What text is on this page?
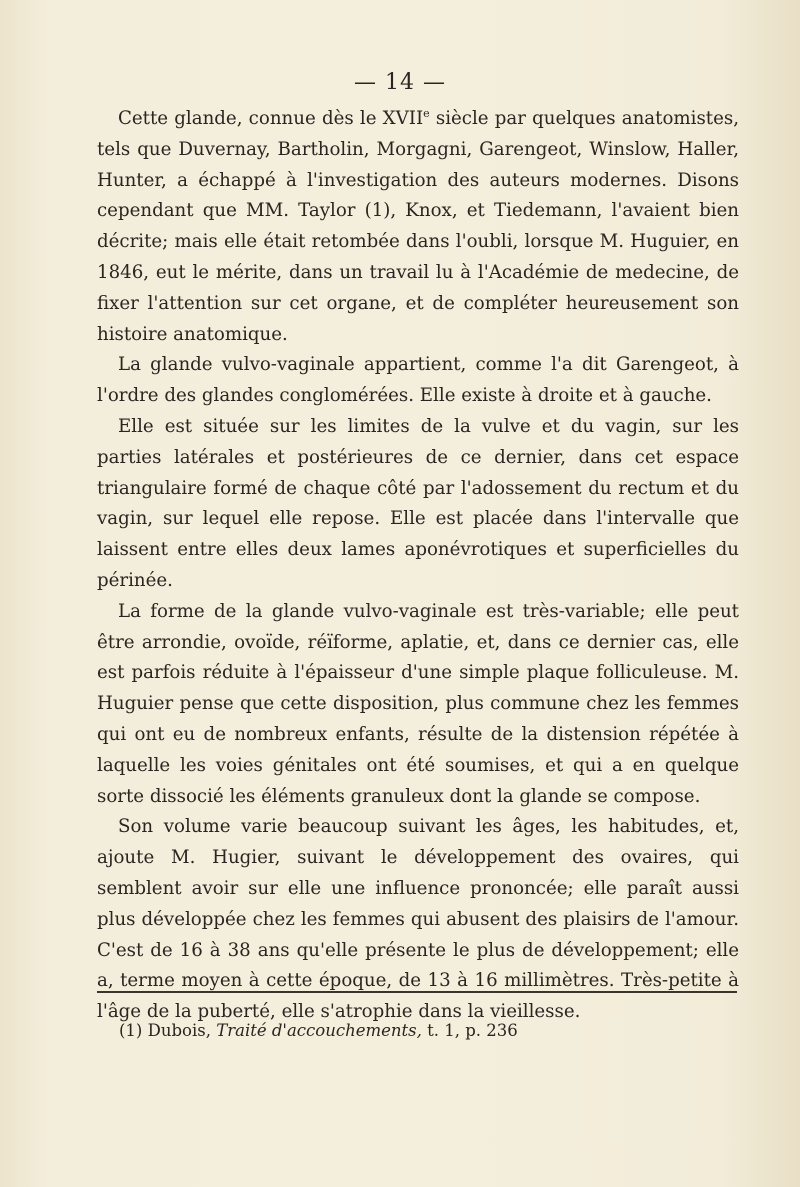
— 14 —

Cette glande, connue dès le XVIIe siècle par quelques anatomistes, tels que Duvernay, Bartholin, Morgagni, Garengeot, Winslow, Haller, Hunter, a échappé à l'investigation des auteurs modernes. Disons cependant que MM. Taylor (1), Knox, et Tiedemann, l'avaient bien décrite; mais elle était retombée dans l'oubli, lorsque M. Huguier, en 1846, eut le mérite, dans un travail lu à l'Académie de medecine, de fixer l'attention sur cet organe, et de compléter heureusement son histoire anatomique.

La glande vulvo-vaginale appartient, comme l'a dit Garengeot, à l'ordre des glandes conglomérées. Elle existe à droite et à gauche.

Elle est située sur les limites de la vulve et du vagin, sur les parties latérales et postérieures de ce dernier, dans cet espace triangulaire formé de chaque côté par l'adossement du rectum et du vagin, sur lequel elle repose. Elle est placée dans l'intervalle que laissent entre elles deux lames aponévrotiques et superficielles du périnée.

La forme de la glande vulvo-vaginale est très-variable; elle peut être arrondie, ovoïde, réïforme, aplatie, et, dans ce dernier cas, elle est parfois réduite à l'épaisseur d'une simple plaque folliculeuse. M. Huguier pense que cette disposition, plus commune chez les femmes qui ont eu de nombreux enfants, résulte de la distension répétée à laquelle les voies génitales ont été soumises, et qui a en quelque sorte dissocié les éléments granuleux dont la glande se compose.

Son volume varie beaucoup suivant les âges, les habitudes, et, ajoute M. Hugier, suivant le développement des ovaires, qui semblent avoir sur elle une influence prononcée; elle paraît aussi plus développée chez les femmes qui abusent des plaisirs de l'amour. C'est de 16 à 38 ans qu'elle présente le plus de développement; elle a, terme moyen à cette époque, de 13 à 16 millimètres. Très-petite à l'âge de la puberté, elle s'atrophie dans la vieillesse.

(1) Dubois, Traité d'accouchements, t. 1, p. 236
